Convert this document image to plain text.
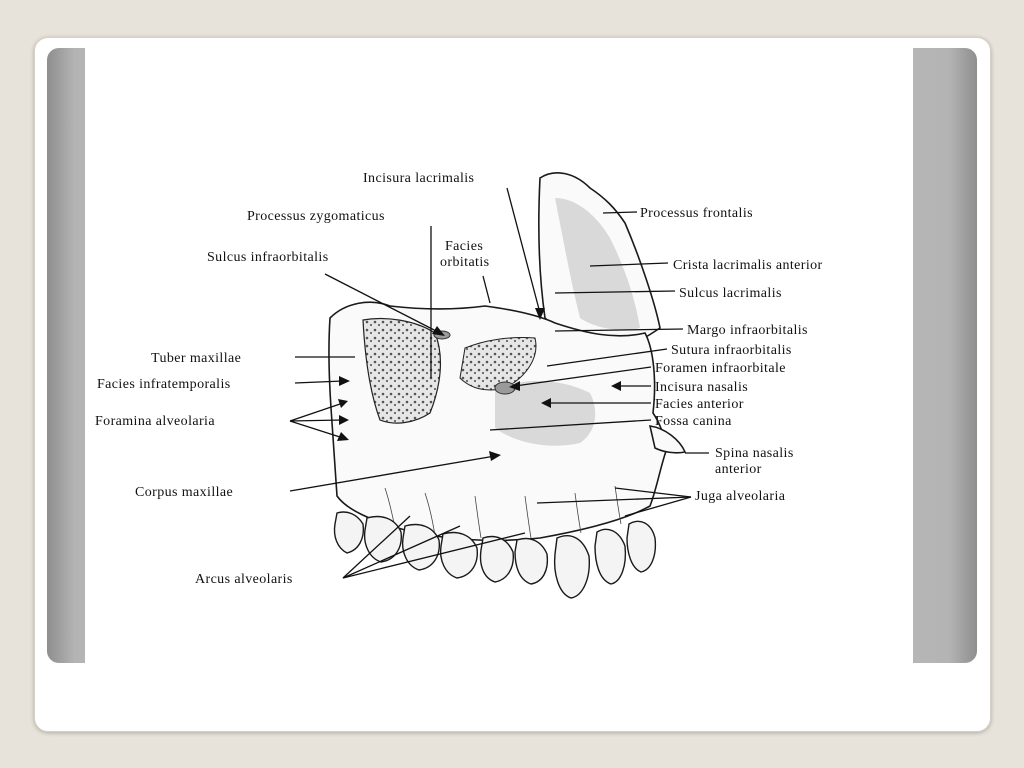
Incisura lacrimalis
Processus zygomaticus
Facies
orbitatis
Sulcus infraorbitalis
Tuber maxillae
Facies infratemporalis
Foramina alveolaria
Corpus maxillae
Arcus alveolaris
Processus frontalis
Crista lacrimalis anterior
Sulcus lacrimalis
Margo infraorbitalis
Sutura infraorbitalis
Foramen infraorbitale
Incisura nasalis
Facies anterior
Fossa canina
Spina nasalis
anterior
Juga alveolaria
